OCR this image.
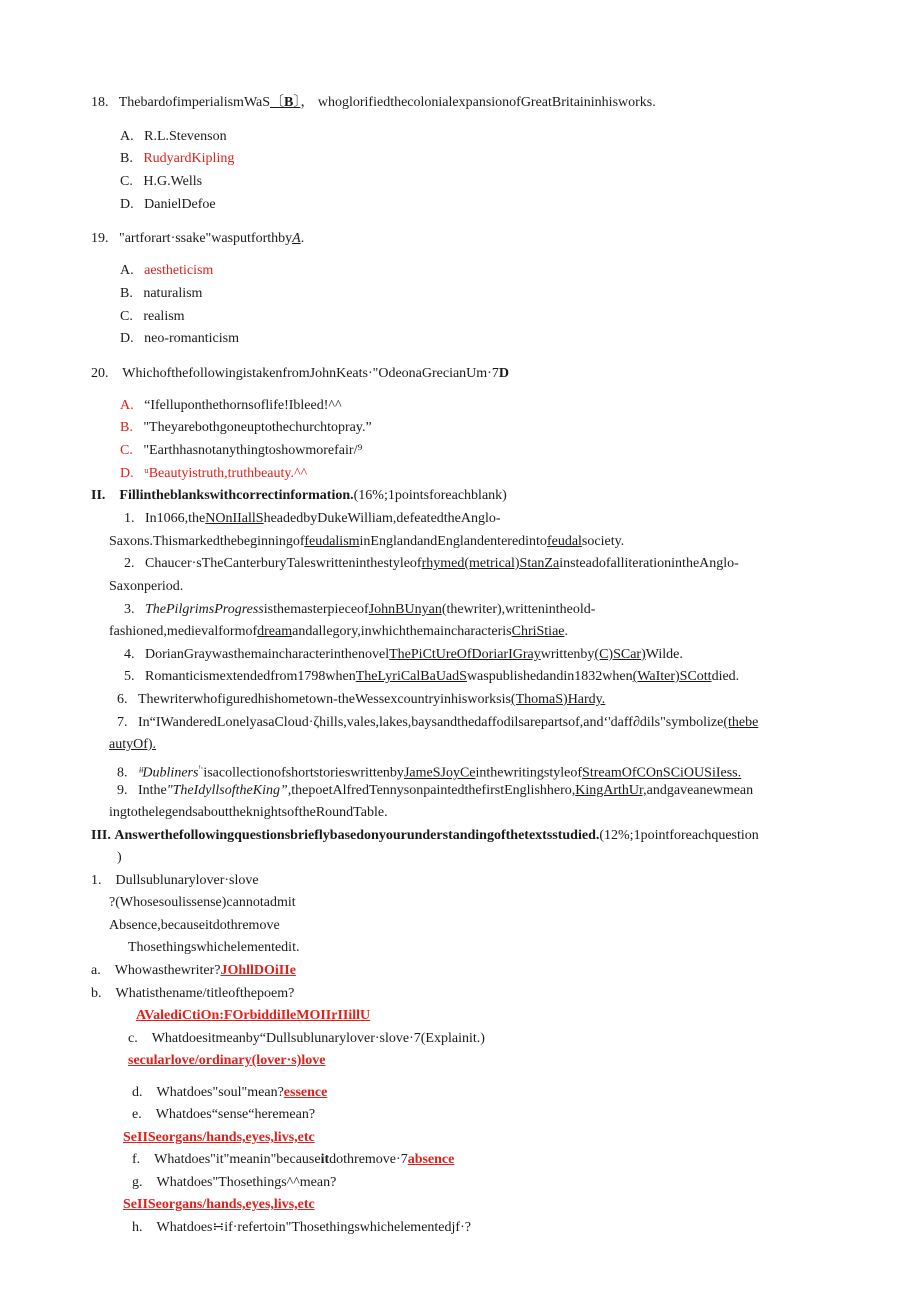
18. ThebardofimperialismWaS〔B〕， whoglorifiedthecolonialexpansionofGreatBritaininhisworks.
A. R.L.Stevenson
B. RudyardKipling
C. H.G.Wells
D. DanielDefoe
19. "artforart·ssake"wasputforthbyA.
A. aestheticism
B. naturalism
C. realism
D. neo-romanticism
20. WhichofthefollowingistakenfromJohnKeats·"OdeonaGrecianUm·7D
A. “Ifelluponthethornsoflife!Ibleed!^^
B. "Theyarebothgoneuptothechurchtopray.”
C. "Earthhasnotanythingtoshowmorefair/⁹
D. ᵘBeautyistruth,truthbeauty.^^
II. Fillintheblankswithcorrectinformation.(16%;1pointsforeachblank)
1. In1066,theNOnIIallSheadedbyDukeWilliam,defeatedtheAnglo-
Saxons.ThismarkedthebeginningoffeudalisminEnglandandEnglandenteredintofeudalsociety.
2. Chaucer·sTheCanterburyTaleswritteninthestyleofrhymed(metrical)StanZainsteadofalliterationintheAnglo-
Saxonperiod.
3. ThePilgrimsProgressisthemasterpieceofJohnBUnyan(thewriter),writtenintheold-
fashioned,medievalformofdreamandallegory,inwhichthemaincharacterisChriStiae.
4. DorianGraywasthemaincharacterinthenovelThePiCtUreOfDoriarIGraywrittenby(C)SCar)Wilde.
5. Romanticismextendedfrom1798whenTheLyriCalBaUadSwaspublishedandin1832when(WaIter)SCottdied.
6. Thewriterwhofiguredhishometown-theWessexcountryinhisworksis(ThomaS)Hardy.
7. In“IWanderedLonelyasaCloud·ζhills,vales,lakes,baysandthedaffodilsarepartsof,and‘'daff∂dils"symbolize(thebe
autyOf).
8. ᶤᶤDubliners$^{ᶠ\cdot}$isacollectionofshortstorieswrittenbyJameSJoyCeinthewritingstyleofStreamOfCOnSCiOUSiIess.
9. Inthe"TheIdyllsoftheKing”,thepoetAlfredTennysonpaintedthefirstEnglishhero,KingArthUr,andgaveanewmean
ingtothelegendsabouttheknightsoftheRoundTable.
III. Answerthefollowingquestionsbrieflybasedonyourunderstandingofthetextsstudied.(12%;1pointforeachquestion
)
1. Dullsublunarylover·slove
?(Whosesoulissense)cannotadmit
Absence,becauseitdothremove
Thosethingswhichelementedit.
a. Whowasthewriter?JOhllDOiIIe
b. Whatisthename/titleofthepoem?
AValediCtiOn:FOrbiddiIleMOIIrIIillU
c. Whatdoesitmeanby“Dullsublunarylover·slove·7(Explainit.)
secularlove/ordinary(lover·s)love
d. Whatdoes"soul"mean?essence
e. Whatdoes“sense“heremean?
SeIISeorgans/hands,eyes,livs,etc
f. Whatdoes"it"meanin"becauseitdothremove·7absence
g. Whatdoes"Thosethings^^mean?
SeIISeorgans/hands,eyes,livs,etc
h. Whatdoes∺if·refertoin"Thosethingswhichelementedjf·?
